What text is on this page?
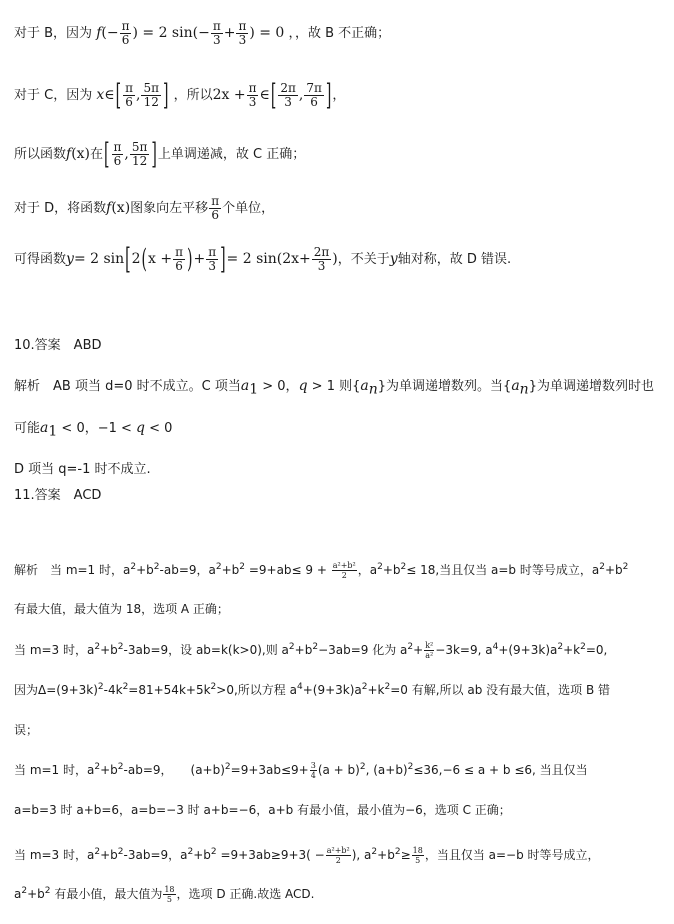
对于 B，因为 $f(- \frac{\pi}{6}$ ) = 2 $\sin(- \frac{\pi}{3} + \frac{\pi}{3}$ ) = 0 ，，故 B 不正确；
对于 C，因为 x∈[ $\frac{\pi}{6}$ , $\frac{5\pi}{12}$ ] ，所以$2x + \frac{\pi}{3}$ ∈[ $\frac{2\pi}{3}$ , $\frac{7\pi}{6}$ ]，
所以函数f(x)在[ $\frac{\pi}{6}$ , $\frac{5\pi}{12}$ ]上单调递减，故 C 正确；
对于 D，将函数f(x)图象向左平移 $\frac{\pi}{6}$ 个单位，
可得函数y= 2 $\sin[2(x + \frac{\pi}{6}$ )+ $\frac{\pi}{3}$ ]= 2 $\sin(2x+ \frac{2\pi}{3}$ )，不关于y轴对称，故 D 错误.
10.答案　ABD
解析　AB 项当 d=0 时不成立。C 项当$a_1 > 0$，q > 1 则$\{a_n\}$为单调递增数列。当$\{a_n\}$为单调递增数列时也
可能$a_1 < 0$，−1 < q < 0
D 项当 q=-1 时不成立.
11.答案　ACD
解析　当 m=1 时，$a^2+b^2-ab=9$，$a^2+b^2 =9+ab\le 9 + \frac{\text{a²+b²}}{2}$ ，$a^2+b^2\le 18$,当且仅当 a=b 时等号成立，$a^2+b^2$
有最大值，最大值为 18，选项 A 正确；
当 m=3 时，$a^2+b^2-3ab=9$，设 ab=k(k>0),则 $a^2+b^2-3ab=9$ 化为 $a^2+ \frac{\text{k²}}{\text{a²}} -3k=9$, $a^4+(9+3k)a^2+k^2=0$,
因为$\Delta=(9+3k)^2-4k^2=81+54k+5k^2>0$,所以方程 $a^4+(9+3k)a^2+k^2=0$ 有解,所以 ab 没有最大值，选项 B 错
误；
当 m=1 时，$a^2+b^2-ab=9$，　　$(a+b)^2=9+3ab\le 9+ \frac{3}{4} (a + b)^2$, $(a+b)^2\le 36,-6 \le a + b \le 6$, 当且仅当
a=b=3 时 a+b=6，a=b=−3 时 a+b=−6，a+b 有最小值，最小值为−6，选项 C 正确；
当 m=3 时，$a^2+b^2-3ab=9$，$a^2+b^2 =9+3ab\ge 9+3( - \frac{\text{a²+b²}}{2}$ ), $a^2+b^2\ge \frac{18}{5}$ ，当且仅当 a=−b 时等号成立，
$a^2+b^2$ 有最小值，最大值为 $\frac{18}{5}$ ，选项 D 正确.故选 ACD.
